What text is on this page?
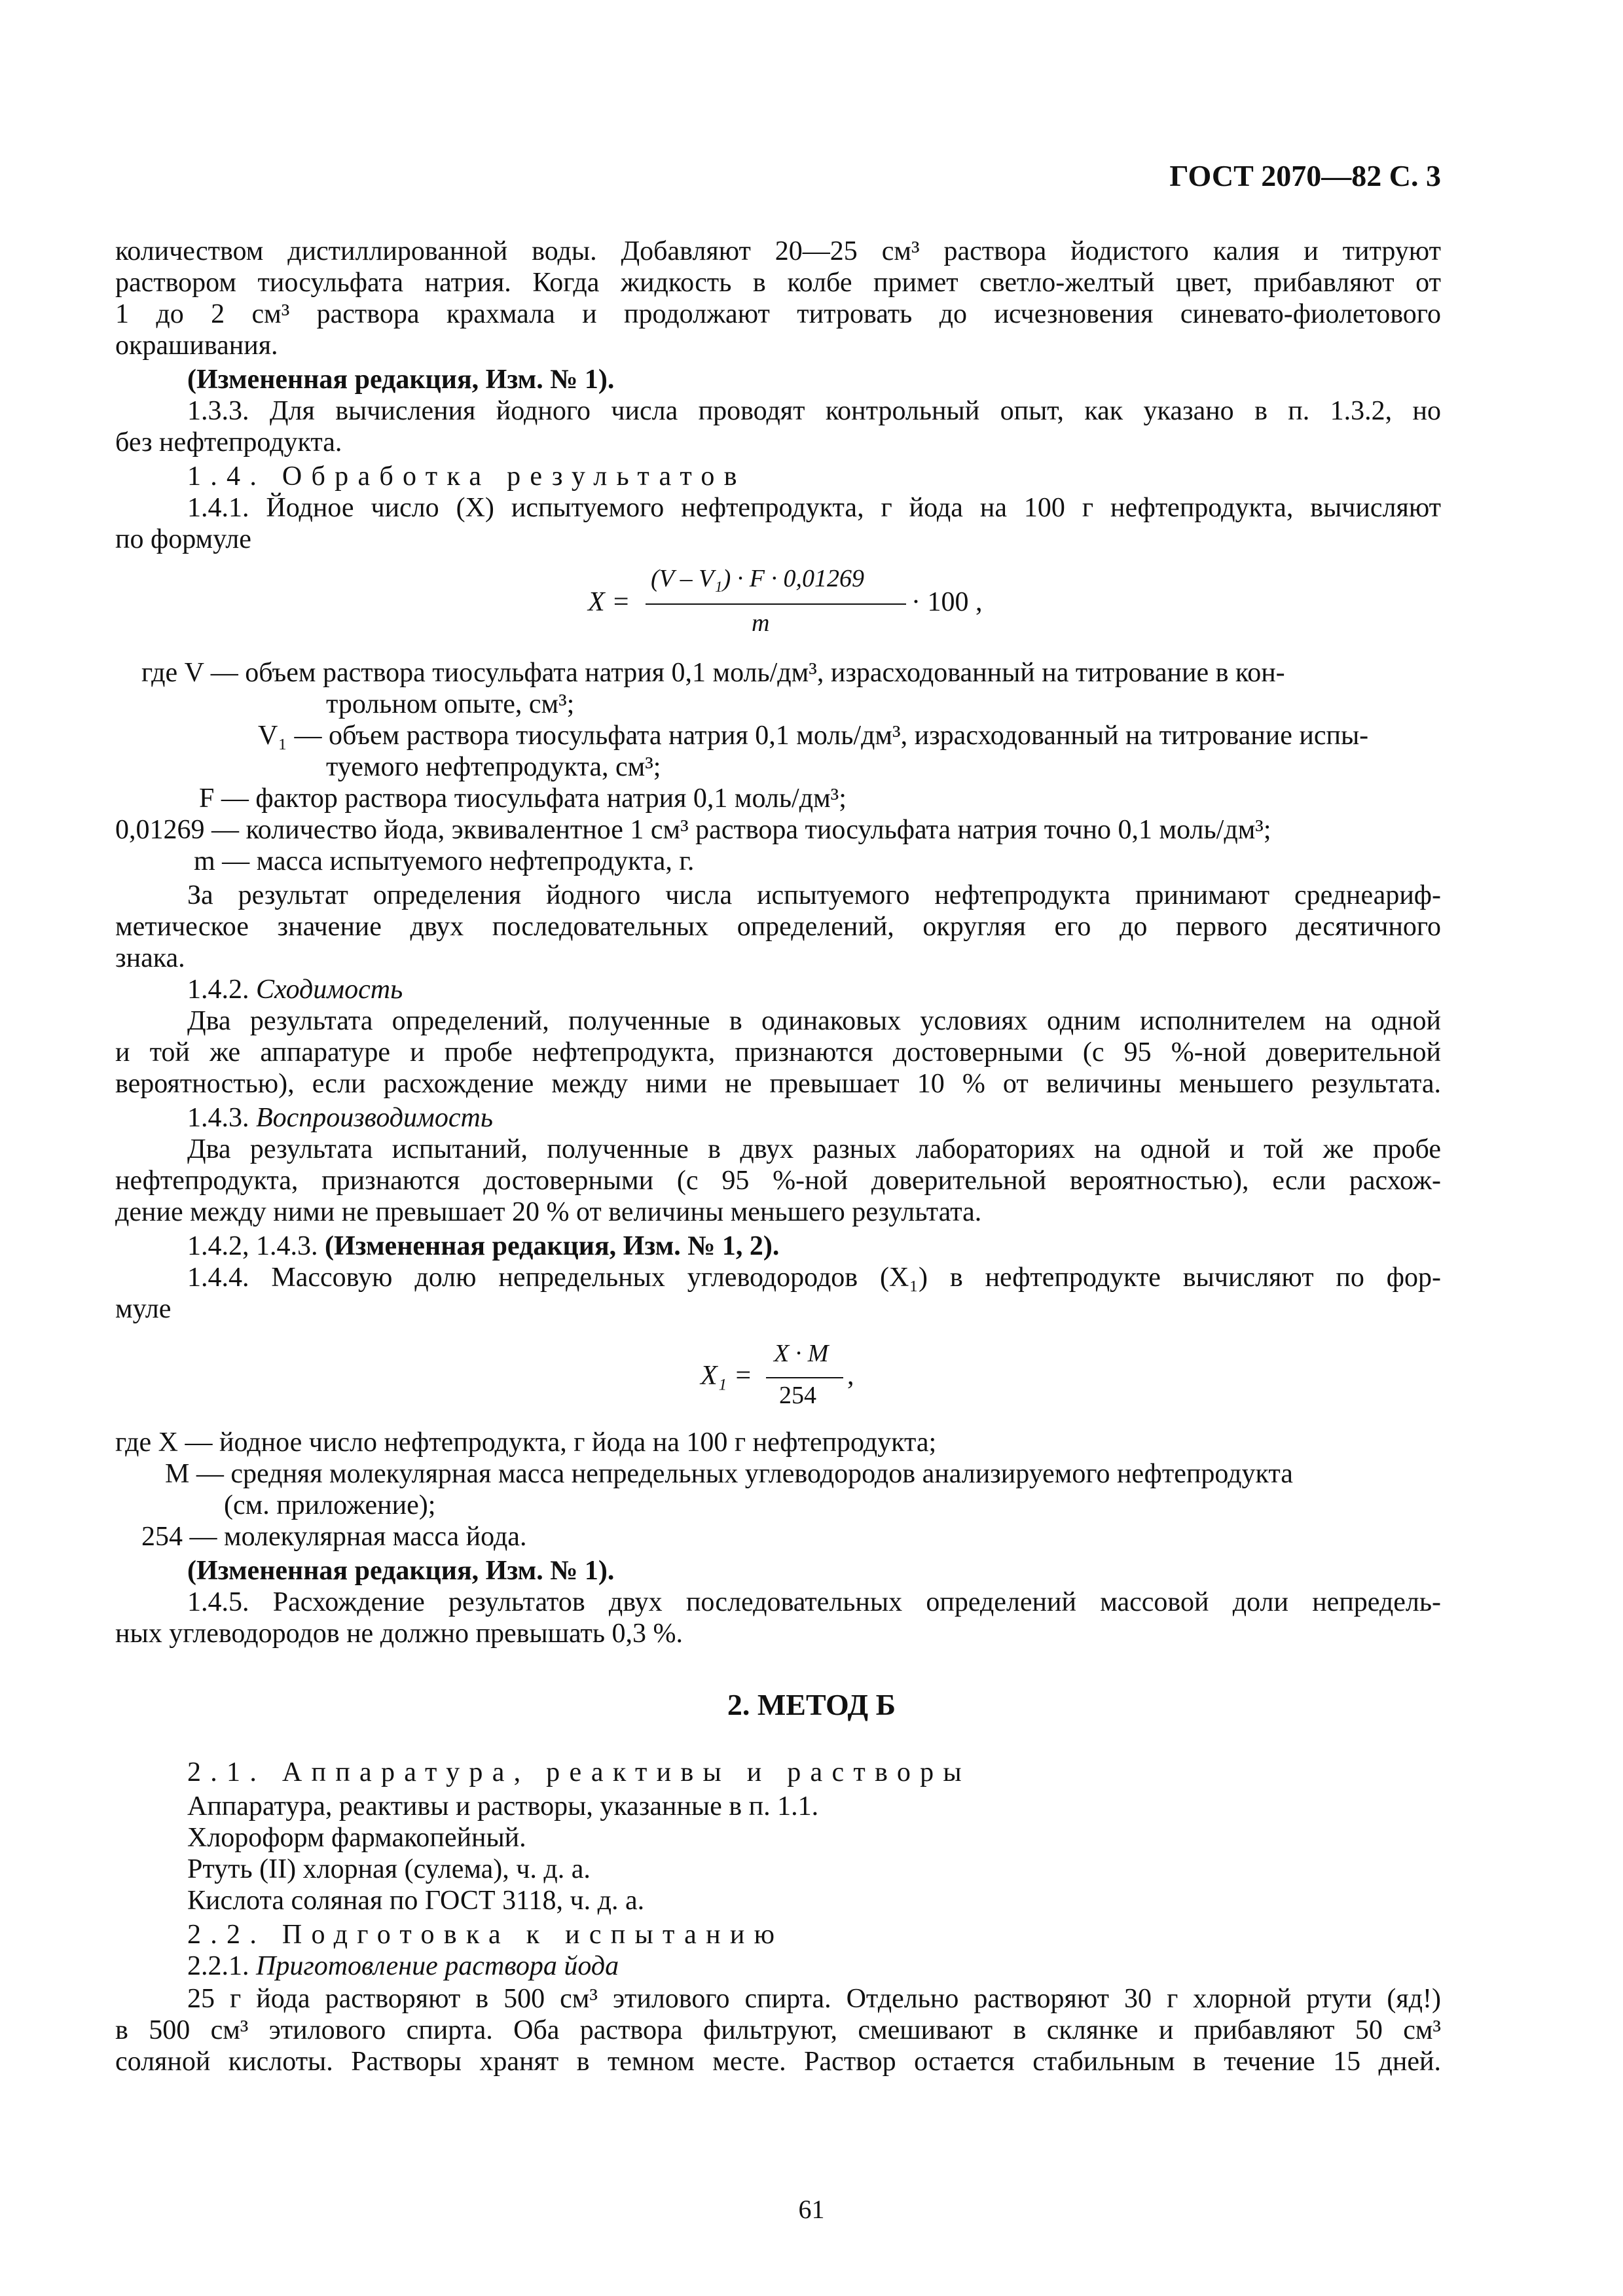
ГОСТ 2070—82 С. 3
количеством дистиллированной воды. Добавляют 20—25 см³ раствора йодистого калия и титруют
раствором тиосульфата натрия. Когда жидкость в колбе примет светло-желтый цвет, прибавляют от
1 до 2 см³ раствора крахмала и продолжают титровать до исчезновения синевато-фиолетового
окрашивания.
(Измененная редакция, Изм. № 1).
1.3.3. Для вычисления йодного числа проводят контрольный опыт, как указано в п. 1.3.2, но
без нефтепродукта.
1.4. Обработка результатов
1.4.1. Йодное число (X) испытуемого нефтепродукта, г йода на 100 г нефтепродукта, вычисляют
по формуле
где V — объем раствора тиосульфата натрия 0,1 моль/дм³, израсходованный на титрование в кон-
трольном опыте, см³;
V₁ — объем раствора тиосульфата натрия 0,1 моль/дм³, израсходованный на титрование испы-
туемого нефтепродукта, см³;
F — фактор раствора тиосульфата натрия 0,1 моль/дм³;
0,01269 — количество йода, эквивалентное 1 см³ раствора тиосульфата натрия точно 0,1 моль/дм³;
m — масса испытуемого нефтепродукта, г.
За результат определения йодного числа испытуемого нефтепродукта принимают среднеариф-
метическое значение двух последовательных определений, округляя его до первого десятичного
знака.
1.4.2. Сходимость
Два результата определений, полученные в одинаковых условиях одним исполнителем на одной
и той же аппаратуре и пробе нефтепродукта, признаются достоверными (с 95 %-ной доверительной
вероятностью), если расхождение между ними не превышает 10 % от величины меньшего результата.
1.4.3. Воспроизводимость
Два результата испытаний, полученные в двух разных лабораториях на одной и той же пробе
нефтепродукта, признаются достоверными (с 95 %-ной доверительной вероятностью), если расхож-
дение между ними не превышает 20 % от величины меньшего результата.
1.4.2, 1.4.3. (Измененная редакция, Изм. № 1, 2).
1.4.4. Массовую долю непредельных углеводородов (X₁) в нефтепродукте вычисляют по фор-
муле
где X — йодное число нефтепродукта, г йода на 100 г нефтепродукта;
M — средняя молекулярная масса непредельных углеводородов анализируемого нефтепродукта
(см. приложение);
254 — молекулярная масса йода.
(Измененная редакция, Изм. № 1).
1.4.5. Расхождение результатов двух последовательных определений массовой доли непредель-
ных углеводородов не должно превышать 0,3 %.
2.1. Аппаратура, реактивы и растворы
Аппаратура, реактивы и растворы, указанные в п. 1.1.
Хлороформ фармакопейный.
Ртуть (II) хлорная (сулема), ч. д. а.
Кислота соляная по ГОСТ 3118, ч. д. а.
2.2. Подготовка к испытанию
2.2.1. Приготовление раствора йода
25 г йода растворяют в 500 см³ этилового спирта. Отдельно растворяют 30 г хлорной ртути (яд!)
в 500 см³ этилового спирта. Оба раствора фильтруют, смешивают в склянке и прибавляют 50 см³
соляной кислоты. Растворы хранят в темном месте. Раствор остается стабильным в течение 15 дней.
X =
(V – V₁) · F · 0,01269
m
· 100 ,
X₁ =
X · M
254
,
2. МЕТОД Б
61
